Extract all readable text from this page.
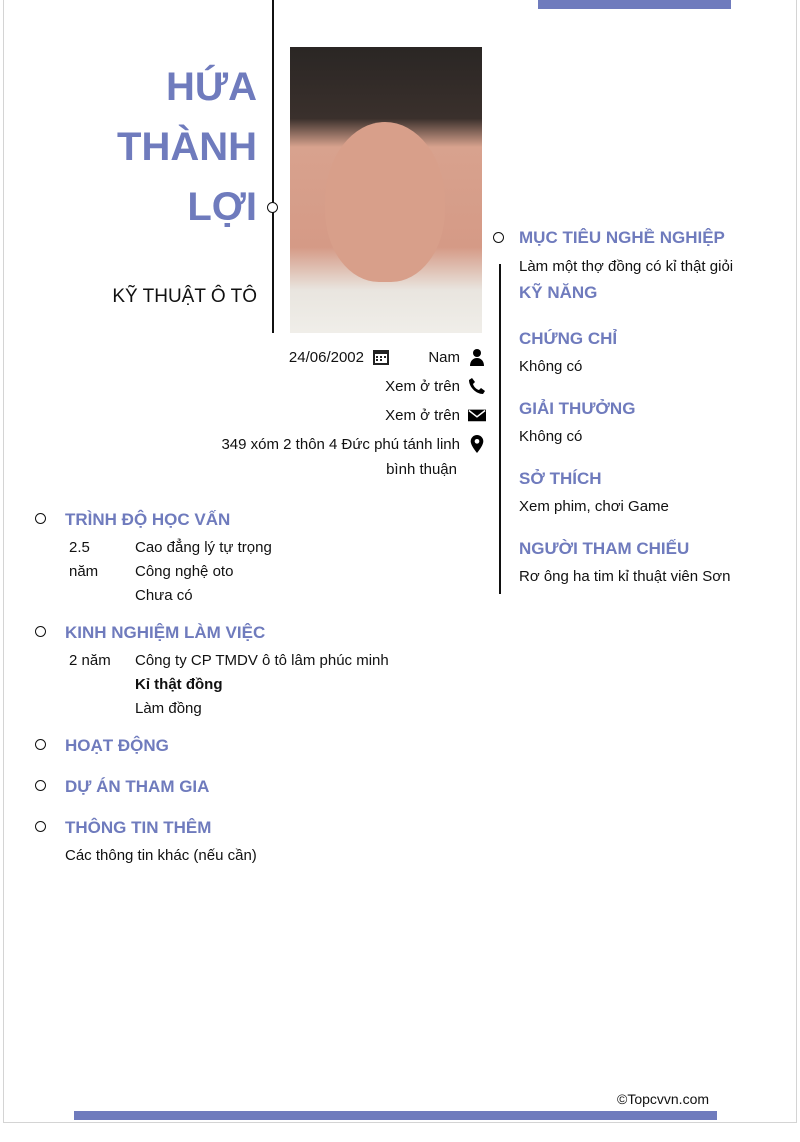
HỨA
THÀNH
LỢI
KỸ THUẬT Ô TÔ
Nam
24/06/2002
Xem ở trên
Xem ở trên
349 xóm 2 thôn 4 Đức phú tánh linh
bình thuận
TRÌNH ĐỘ HỌC VẤN
2.5
năm
Cao đẳng lý tự trọng
Công nghệ oto
Chưa có
KINH NGHIỆM LÀM VIỆC
2 năm Công ty CP TMDV ô tô lâm phúc minh
Kỉ thật đồng
Làm đồng
HOẠT ĐỘNG
DỰ ÁN THAM GIA
THÔNG TIN THÊM
Các thông tin khác (nếu cần)
MỤC TIÊU NGHỀ NGHIỆP
Làm một thợ đồng có kỉ thật giỏi
KỸ NĂNG
CHỨNG CHỈ
Không có
GIẢI THƯỞNG
Không có
SỞ THÍCH
Xem phim, chơi Game
NGƯỜI THAM CHIẾU
Rơ ông ha tim kỉ thuật viên Sơn
©Topcvvn.com
